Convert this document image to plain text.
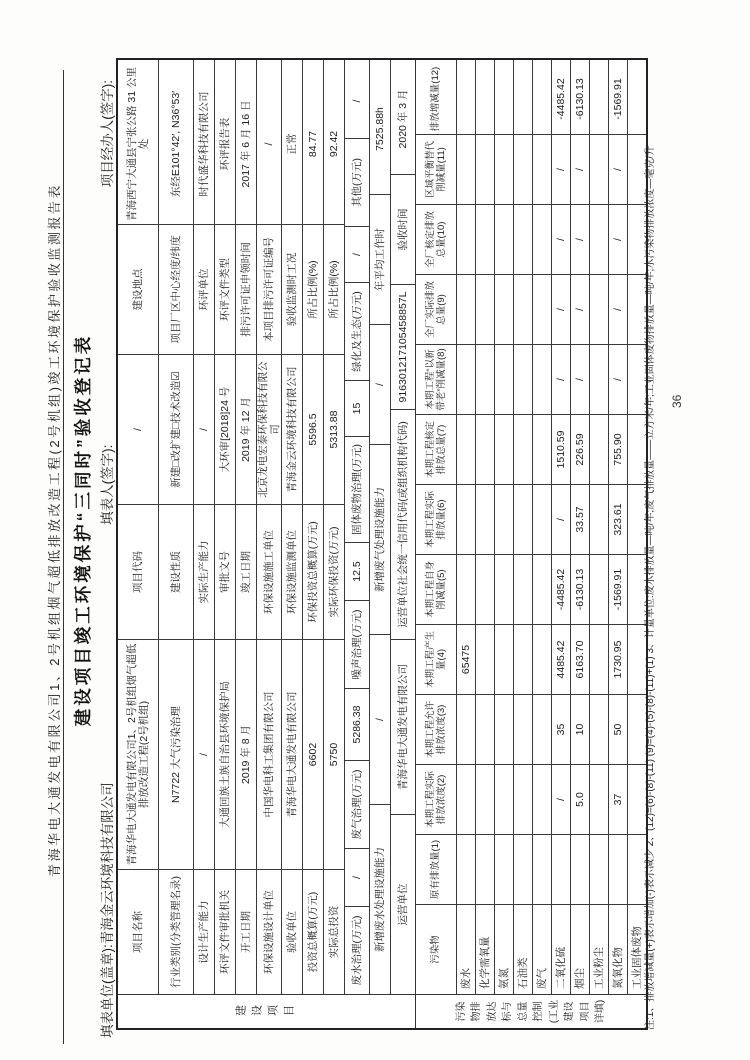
青海华电大通发电有限公司1、2号机组烟气超低排放改造工程(2号机组)竣工环境保护验收监测报告表 建设项目竣工环境保护“三同时”验收登记表
填表单位(盖章):青海金云环境科技有限公司
填表人(签字):
项目经办人(签字):
建设项目
项目名称
青海华电大通发电有限公司1、2号机组烟气超低排放改造工程(2号机组)
项目代码
/
建设地点
青海西宁大通县宁张公路 31 公里处
行业类别(分类管理名录)
N7722 大气污染治理
建设性质
新建□改扩建□技术改造☑
项目厂区中心经度/纬度
东经E101°42′, N36°53′
设计生产能力
/
实际生产能力
/
环评单位
时代盛华科技有限公司
环评文件审批机关
大通回族土族自治县环境保护局
审批文号
大环审[2018]24 号
环评文件类型
环评报告表
开工日期
2019 年 8 月
竣工日期
2019 年 12 月
排污许可证申领时间
2017 年 6 月 16 日
环保设施设计单位
中国华电科工集团有限公司
环保设施施工单位
北京龙电宏泰环保科技有限公司
本项目排污许可证编号
/
验收单位
青海华电大通发电有限公司
环保设施监测单位
青海金云环境科技有限公司
验收监测时工况
正常
投资总概算(万元)
6602
环保投资总概算(万元)
5596.5
所占比例(%)
84.77
实际总投资
5750
实际环保投资(万元)
5313.88
所占比例(%)
92.42
废水治理(万元)
/
废气治理(万元)
5286.38
噪声治理(万元)
12.5
固体废物治理(万元)
15
绿化及生态(万元)
/
其他(万元)
/
新增废水处理设施能力
/
新增废气处理设施能力
/
年平均工作时
7525.88h
运营单位
青海华电大通发电有限公司
运营单位社会统一信用代码(或组织机构代码)
916301217105458857L
验收时间
2020 年 3 月
污染物排放达标与总量控制(工业建设项目详填)
污染物
原有排放量(1)
本期工程实际排放浓度(2)
本期工程允许排放浓度(3)
本期工程产生量(4)
本期工程自身削减量(5)
本期工程实际排放量(6)
本期工程核定排放总量(7)
本期工程“以新带老”削减量(8)
全厂实际排放总量(9)
全厂核定排放总量(10)
区域平衡替代削减量(11)
排放增减量(12)
废水
65475
化学需氧量 氨氮 石油类 废气 二氧化硫
/
35
4485.42
-4485.42
/
1510.59
/
/
/
/
-4485.42
烟尘
5.0
10
6163.70
-6130.13
33.57
226.59
/
/
/
/
-6130.13
工业粉尘 氮氧化物
37
50
1730.95
-1569.91
323.61
755.90
/
/
/
/
-1569.91
工业固体废物 注:1、排放增减量(+)表示增加(-)表示减少 2、(12)=(6)-(8)-(11) (9)=(4)-(5)-(8)-(11)+(1) 3、计量单位:废水排放量—吨/年;废气排放量——立方米/年;工业固体废物排放量—吨/年;水污染物排放浓度—毫克/升 36
